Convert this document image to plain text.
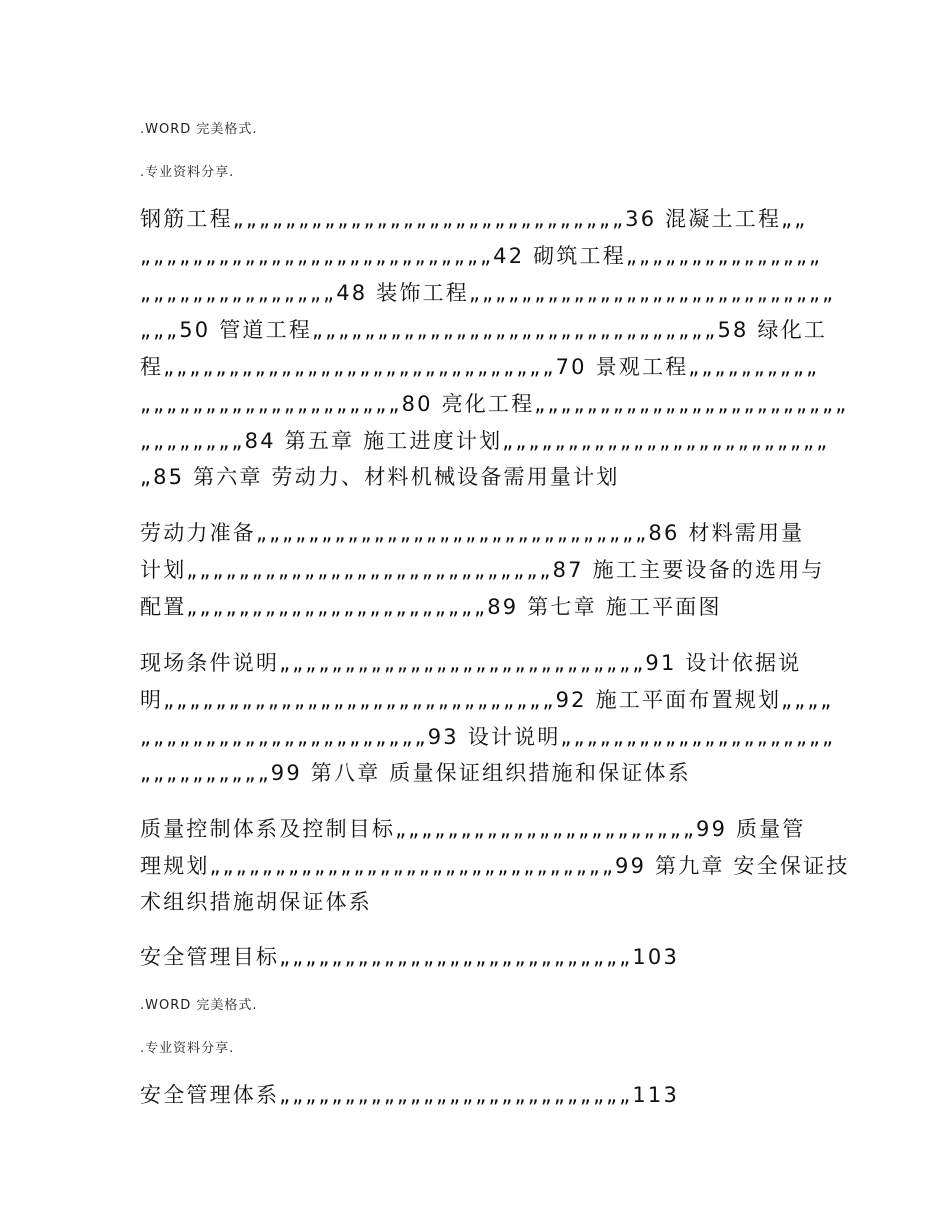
.WORD 完美格式.
.专业资料分享.
钢筋工程„„„„„„„„„„„„„„„„„„„„„„„„„„„„„„36 混凝土工程„„
„„„„„„„„„„„„„„„„„„„„„„„„„„„42 砌筑工程„„„„„„„„„„„„„„„
„„„„„„„„„„„„„„„48 装饰工程„„„„„„„„„„„„„„„„„„„„„„„„„„„„
„„„50 管道工程„„„„„„„„„„„„„„„„„„„„„„„„„„„„„„„58 绿化工
程„„„„„„„„„„„„„„„„„„„„„„„„„„„„„„70 景观工程„„„„„„„„„„
„„„„„„„„„„„„„„„„„„„„80 亮化工程„„„„„„„„„„„„„„„„„„„„„„„„
„„„„„„„„84 第五章 施工进度计划„„„„„„„„„„„„„„„„„„„„„„„„„
„85 第六章 劳动力、材料机械设备需用量计划
劳动力准备„„„„„„„„„„„„„„„„„„„„„„„„„„„„„„86 材料需用量
计划„„„„„„„„„„„„„„„„„„„„„„„„„„„„87 施工主要设备的选用与
配置„„„„„„„„„„„„„„„„„„„„„„„89 第七章 施工平面图
现场条件说明„„„„„„„„„„„„„„„„„„„„„„„„„„„„91 设计依据说
明„„„„„„„„„„„„„„„„„„„„„„„„„„„„„„92 施工平面布置规划„„„„
„„„„„„„„„„„„„„„„„„„„„„93 设计说明„„„„„„„„„„„„„„„„„„„„„
„„„„„„„„„„99 第八章 质量保证组织措施和保证体系
质量控制体系及控制目标„„„„„„„„„„„„„„„„„„„„„„„99 质量管
理规划„„„„„„„„„„„„„„„„„„„„„„„„„„„„„„„99 第九章 安全保证技
术组织措施胡保证体系
安全管理目标„„„„„„„„„„„„„„„„„„„„„„„„„„„103
.WORD 完美格式.
.专业资料分享.
安全管理体系„„„„„„„„„„„„„„„„„„„„„„„„„„„113
